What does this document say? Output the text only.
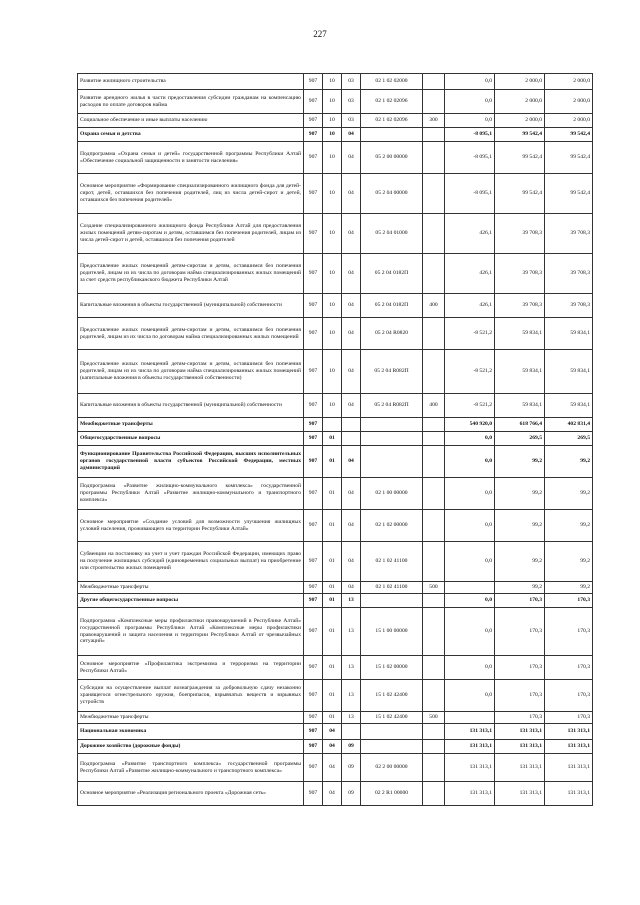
227
Развитие жилищного строительства	907	10	03	02 1 02 02000		0,0	2 000,0	2 000,0
Развитие арендного жилья в части предоставления субсидии гражданам на компенсацию расходов по оплате договоров найма	907	10	03	02 1 02 02096		0,0	2 000,0	2 000,0
Социальное обеспечение и иные выплаты населению	907	10	03	02 1 02 02096	300	0,0	2 000,0	2 000,0
Охрана семьи и детства	907	10	04			-8 095,1	99 542,4	99 542,4
Подпрограмма «Охрана семьи и детей» государственной программы Республики Алтай «Обеспечение социальной защищенности и занятости населения»	907	10	04	05 2 00 00000		-8 095,1	99 542,4	99 542,4
Основное мероприятие «Формирование специализированного жилищного фонда для детей-сирот, детей, оставшихся без попечения родителей, лиц из числа детей-сирот и детей, оставшихся без попечения родителей»	907	10	04	05 2 04 00000		-8 095,1	99 542,4	99 542,4
Создание специализированного жилищного фонда Республики Алтай для предоставления жилых помещений детям-сиротам и детям, оставшимся без попечения родителей, лицам из числа детей-сирот и детей, оставшихся без попечения родителей	907	10	04	05 2 04 01000		426,1	39 708,3	39 708,3
Предоставление жилых помещений детям-сиротам и детям, оставшимся без попечения родителей, лицам из их числа по договорам найма специализированных жилых помещений за счет средств республиканского бюджета Республики Алтай	907	10	04	05 2 04 0182П		426,1	39 708,3	39 708,3
Капитальные вложения в объекты государственной (муниципальной) собственности	907	10	04	05 2 04 0182П	400	426,1	39 708,3	39 708,3
Предоставление жилых помещений детям-сиротам и детям, оставшимся без попечения родителей, лицам из их числа по договорам найма специализированных жилых помещений	907	10	04	05 2 04 R0820		-8 521,2	59 834,1	59 834,1
Предоставление жилых помещений детям-сиротам и детям, оставшимся без попечения родителей, лицам из их числа по договорам найма специализированных жилых помещений (капитальные вложения в объекты государственной собственности)	907	10	04	05 2 04 R082П		-8 521,2	59 834,1	59 834,1
Капитальные вложения в объекты государственной (муниципальной) собственности	907	10	04	05 2 04 R082П	400	-8 521,2	59 834,1	59 834,1
Межбюджетные трансферты	907					540 920,0	618 766,4	402 831,4
Общегосударственные вопросы	907	01				0,0	269,5	269,5
Функционирование Правительства Российской Федерации, высших исполнительных органов государственной власти субъектов Российской Федерации, местных администраций	907	01	04			0,0	99,2	99,2
Подпрограмма «Развитие жилищно-коммунального комплекса» государственной программы Республики Алтай «Развитие жилищно-коммунального и транспортного комплекса»	907	01	04	02 1 00 00000		0,0	99,2	99,2
Основное мероприятие «Создание условий для возможности улучшения жилищных условий населения, проживающего на территории Республики Алтай»	907	01	04	02 1 02 00000		0,0	99,2	99,2
Субвенции на постановку на учет и учет граждан Российской Федерации, имеющих право на получение жилищных субсидий (единовременных социальных выплат) на приобретение или строительство жилых помещений	907	01	04	02 1 02 41100		0,0	99,2	99,2
Межбюджетные трансферты	907	01	04	02 1 02 41100	500		99,2	99,2
Другие общегосударственные вопросы	907	01	13			0,0	170,3	170,3
Подпрограмма «Комплексные меры профилактики правонарушений в Республике Алтай» государственной программы Республики Алтай «Комплексные меры профилактики правонарушений и защита населения и территории Республики Алтай от чрезвычайных ситуаций»	907	01	13	15 1 00 00000		0,0	170,3	170,3
Основное мероприятие «Профилактика экстремизма и терроризма на территории Республики Алтай»	907	01	13	15 1 02 00000		0,0	170,3	170,3
Субсидии на осуществление выплат вознаграждения за добровольную сдачу незаконно хранящегося огнестрельного оружия, боеприпасов, взрывчатых веществ и взрывных устройств	907	01	13	15 1 02 42400		0,0	170,3	170,3
Межбюджетные трансферты	907	01	13	15 1 02 42400	500		170,3	170,3
Национальная экономика	907	04				131 313,1	131 313,1	131 313,1
Дорожное хозяйство (дорожные фонды)	907	04	09			131 313,1	131 313,1	131 313,1
Подпрограмма «Развитие транспортного комплекса» государственной программы Республики Алтай «Развитие жилищно-коммунального и транспортного комплекса»	907	04	09	02 2 00 00000		131 313,1	131 313,1	131 313,1
Основное мероприятие «Реализация регионального проекта «Дорожная сеть»	907	04	09	02 2 R1 00000		131 313,1	131 313,1	131 313,1
